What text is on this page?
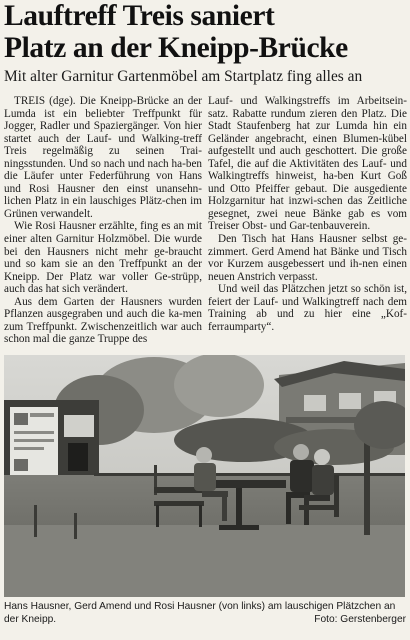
Lauftreff Treis saniert
Platz an der Kneipp-Brücke
Mit alter Garnitur Gartenmöbel am Startplatz fing alles an

TREIS (dge). Die Kneipp-Brücke an der Lumda ist ein beliebter Treffpunkt für Jogger, Radler und Spaziergänger. Von hier startet auch der Lauf- und Walking-treff Treis regelmäßig zu seinen Trai-ningsstunden. Und so nach und nach ha-ben die Läufer unter Federführung von Hans und Rosi Hausner den einst unansehn-lichen Platz in ein lauschiges Plätz-chen im Grünen verwandelt.

Wie Rosi Hausner erzählte, fing es an mit einer alten Garnitur Holzmöbel. Die wurde bei den Hausners nicht mehr ge-braucht und so kam sie an den Treffpunkt an der Kneipp. Der Platz war voller Ge-strüpp, auch das hat sich verändert.

Aus dem Garten der Hausners wurden Pflanzen ausgegraben und auch die ka-men zum Treffpunkt. Zwischenzeitlich war auch schon mal die ganze Truppe des

Lauf- und Walkingstreffs im Arbeitsein-satz. Rabatte rundum zieren den Platz. Die Stadt Staufenberg hat zur Lumda hin ein Geländer angebracht, einen Blumen-kübel aufgestellt und auch geschottert. Die große Tafel, die auf die Aktivitäten des Lauf- und Walkingtreffs hinweist, ha-ben Kurt Goß und Otto Pfeiffer gebaut. Die ausgediente Holzgarnitur hat inzwi-schen das Zeitliche gesegnet, zwei neue Bänke gab es vom Treiser Obst- und Gar-tenbauverein.

Den Tisch hat Hans Hausner selbst ge-zimmert. Gerd Amend hat Bänke und Tisch vor Kurzem ausgebessert und ih-nen einen neuen Anstrich verpasst.

Und weil das Plätzchen jetzt so schön ist, feiert der Lauf- und Walkingtreff nach dem Training ab und zu hier eine „Kof-ferraumparty“.

Hans Hausner, Gerd Amend und Rosi Hausner (von links) am lauschigen Plätzchen an der Kneipp.	Foto: Gerstenberger
